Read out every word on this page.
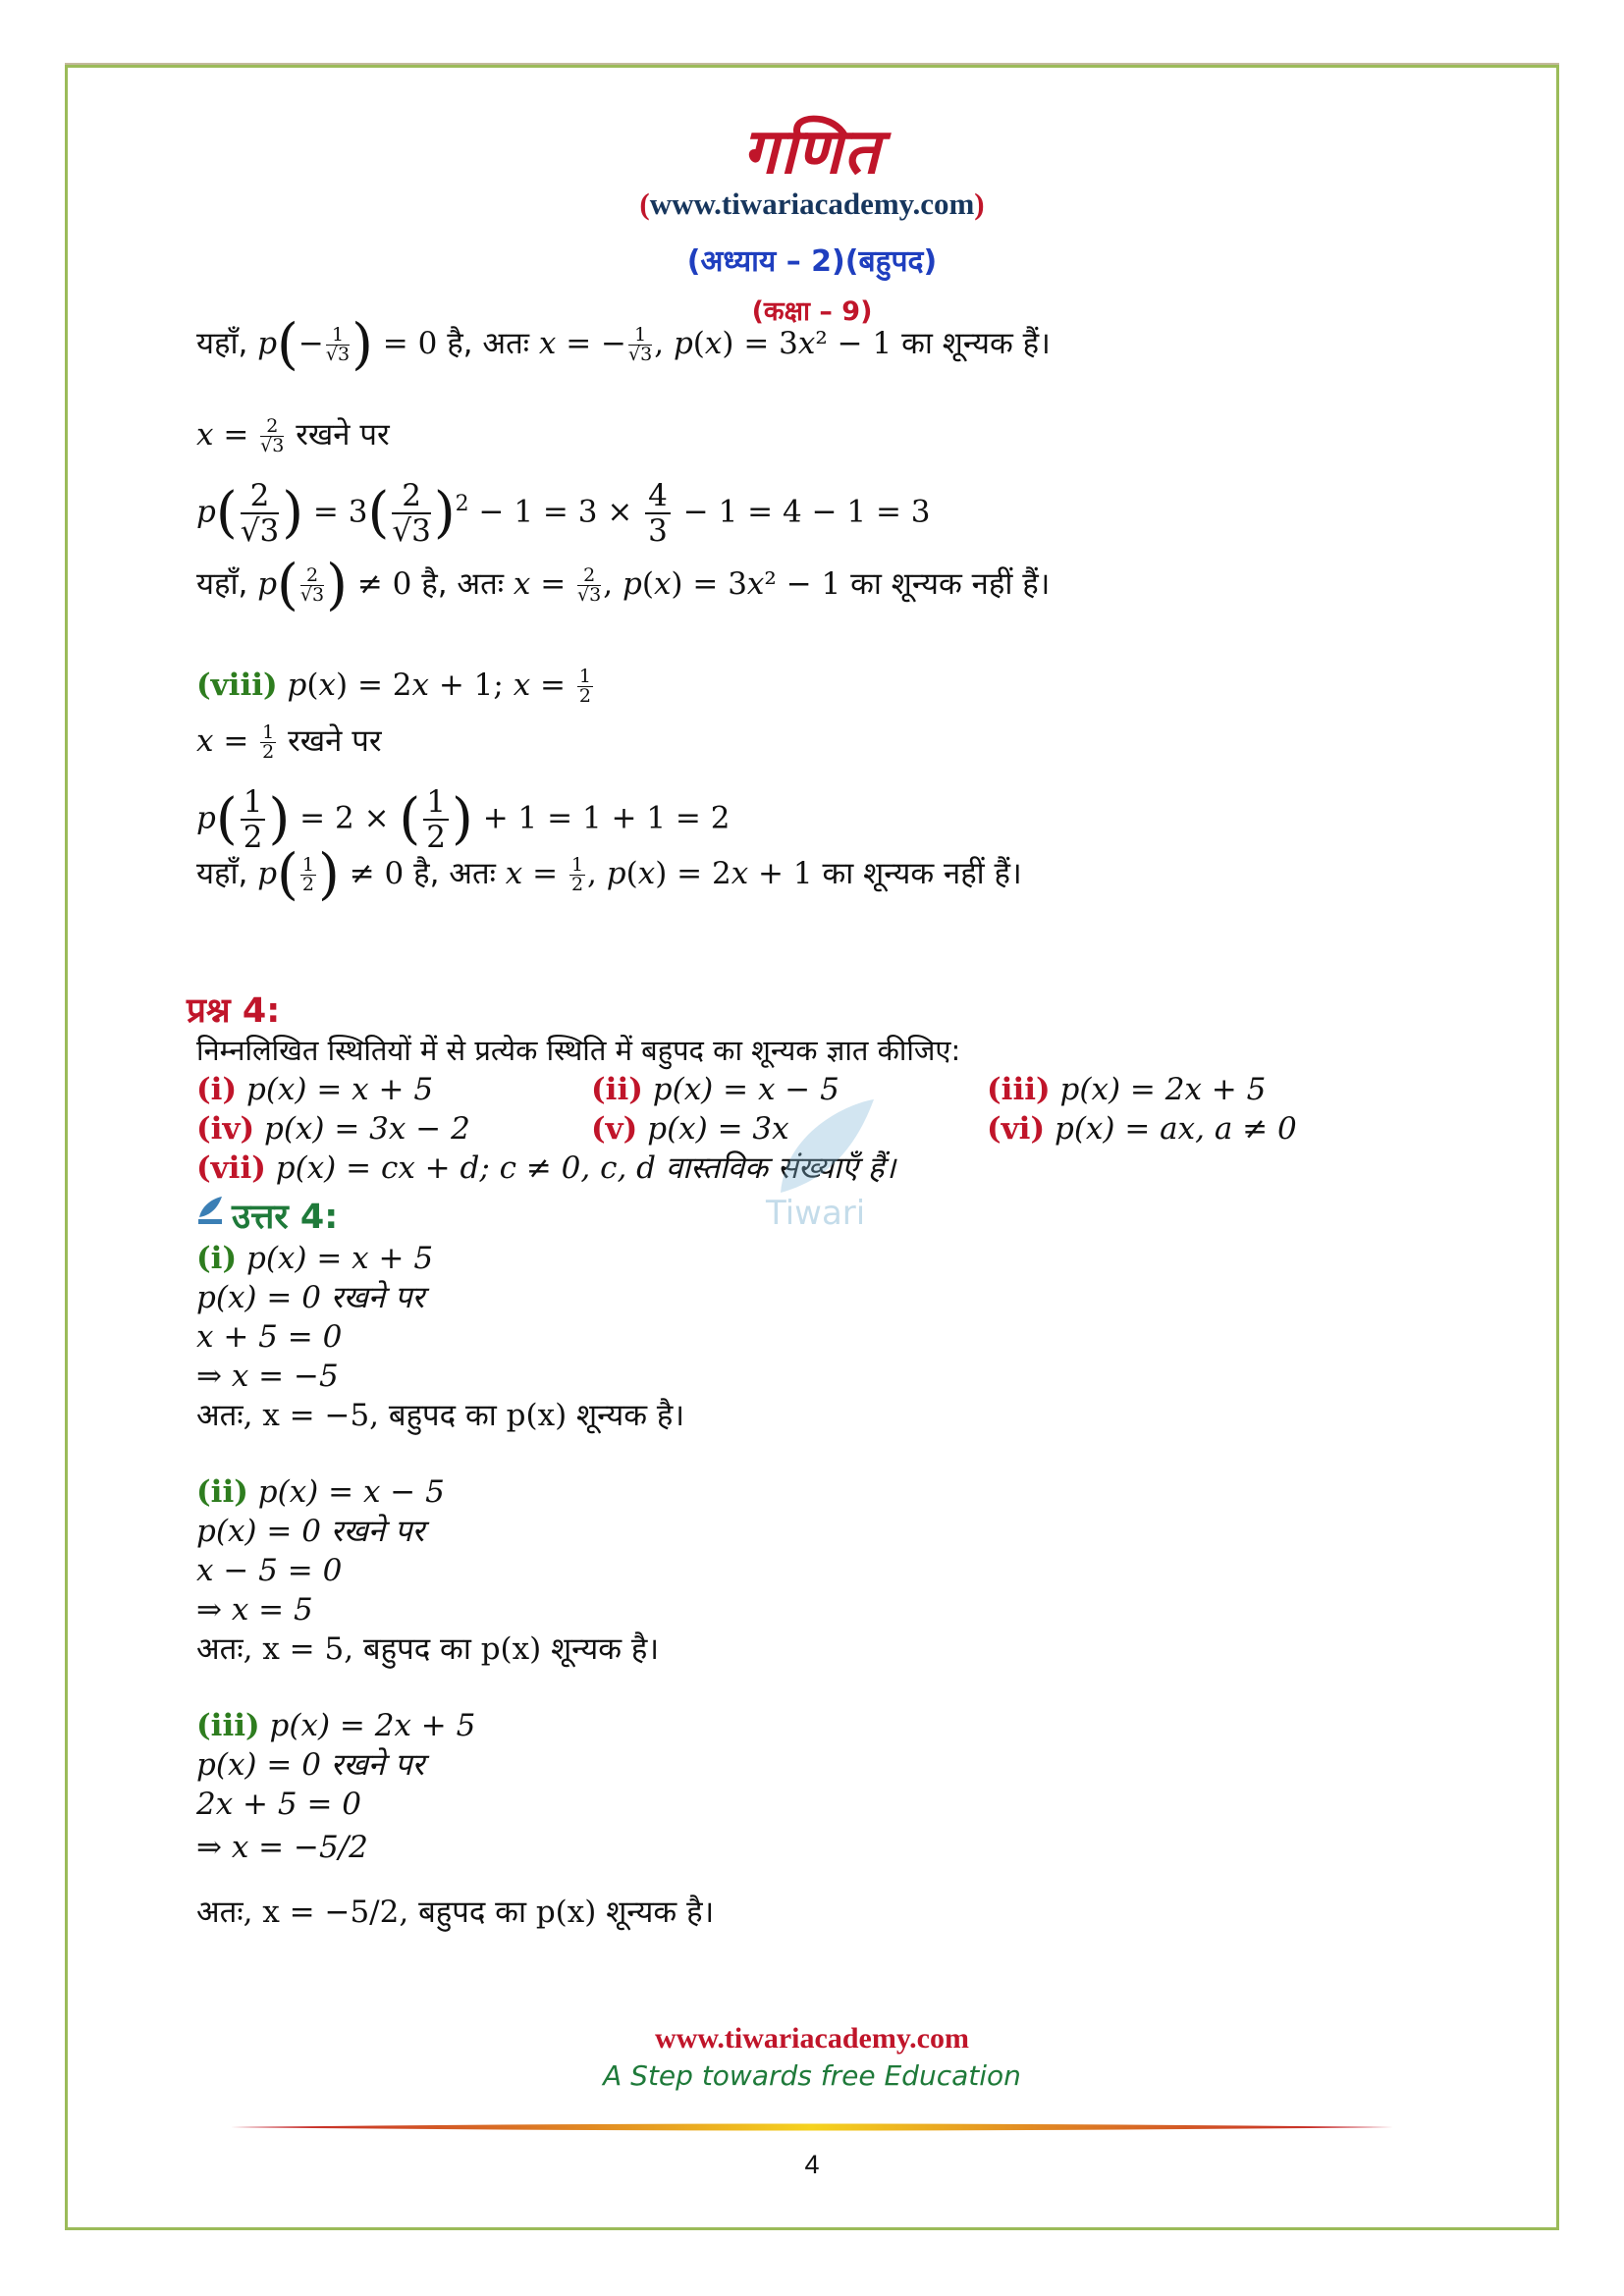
गणित
(www.tiwariacademy.com)
(अध्याय – 2)(बहुपद)
(कक्षा – 9)
यहाँ, $p(- \frac{1}{√3}$ ) = 0 है, अतः x = − $\frac{1}{√3}$ , p(x) = 3x² − 1 का शून्यक हैं।
$x = \frac{2}{√3}$ रखने पर
$p( \frac{2}{√3}$ ) = $3( \frac{2}{√3} )^2 - 1 = 3 \times \frac{4}{3} - 1 = 4 - 1 = 3$
यहाँ, $p( \frac{2}{√3}$ ) ≠ 0 है, अतः $x = \frac{2}{√3}$ , p(x) = 3x² − 1 का शून्यक नहीं हैं।
(viii) p(x) = 2x + 1; $x = \frac{1}{2}$
$x = \frac{1}{2}$ रखने पर
$p( \frac{1}{2}$ ) = 2 × ( $\frac{1}{2}$ ) + 1 = 1 + 1 = 2
यहाँ, $p( \frac{1}{2}$ ) ≠ 0 है, अतः $x = \frac{1}{2}$ , p(x) = 2x + 1 का शून्यक नहीं हैं।
प्रश्न 4:
निम्नलिखित स्थितियों में से प्रत्येक स्थिति में बहुपद का शून्यक ज्ञात कीजिए:
(i) p(x) = x + 5	(ii) p(x) = x − 5	(iii) p(x) = 2x + 5
(iv) p(x) = 3x − 2	(v) p(x) = 3x	(vi) p(x) = ax, a ≠ 0
(vii) p(x) = cx + d; c ≠ 0, c, d वास्तविक संख्याएँ हैं।
Tiwari
उत्तर 4:
(i) p(x) = x + 5
p(x) = 0 रखने पर
x + 5 = 0
⇒ x = −5
अतः, x = −5, बहुपद का p(x) शून्यक है।
(ii) p(x) = x − 5
p(x) = 0 रखने पर
x − 5 = 0
⇒ x = 5
अतः, x = 5, बहुपद का p(x) शून्यक है।
(iii) p(x) = 2x + 5
p(x) = 0 रखने पर
2x + 5 = 0
⇒ x = −5/2
अतः, x = −5/2, बहुपद का p(x) शून्यक है।
www.tiwariacademy.com
A Step towards free Education
4
